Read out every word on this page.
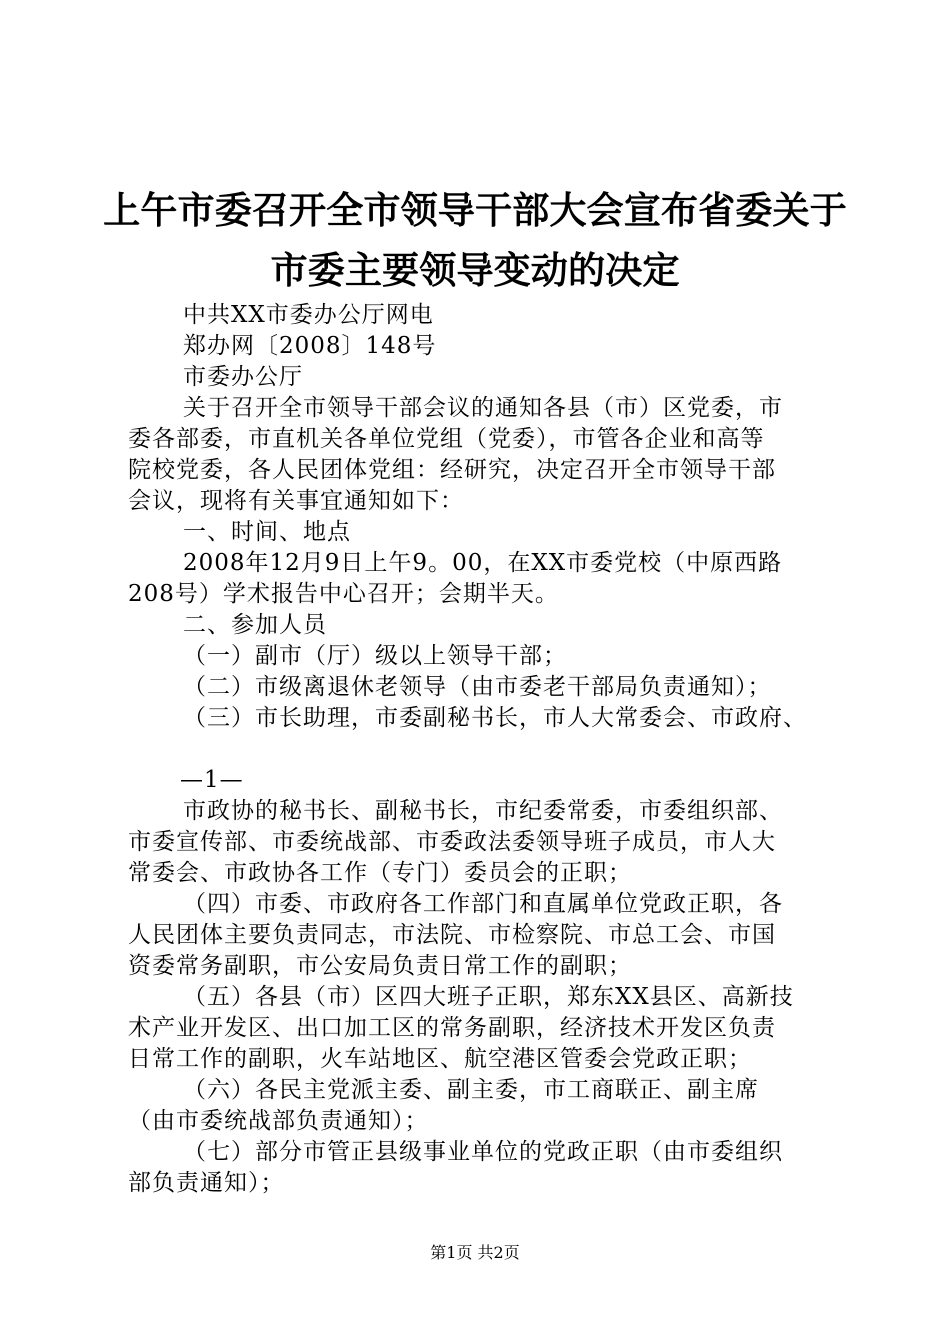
上午市委召开全市领导干部大会宣布省委关于
市委主要领导变动的决定
中共XX市委办公厅网电
郑办网〔2008〕148号
市委办公厅
关于召开全市领导干部会议的通知各县（市）区党委，市
委各部委，市直机关各单位党组（党委），市管各企业和高等
院校党委，各人民团体党组：经研究，决定召开全市领导干部
会议，现将有关事宜通知如下：
一、时间、地点
2008年12月9日上午9。00，在XX市委党校（中原西路
208号）学术报告中心召开；会期半天。
二、参加人员
（一）副市（厅）级以上领导干部；
（二）市级离退休老领导（由市委老干部局负责通知）；
（三）市长助理，市委副秘书长，市人大常委会、市政府、
—1—
市政协的秘书长、副秘书长，市纪委常委，市委组织部、
市委宣传部、市委统战部、市委政法委领导班子成员，市人大
常委会、市政协各工作（专门）委员会的正职；
（四）市委、市政府各工作部门和直属单位党政正职，各
人民团体主要负责同志，市法院、市检察院、市总工会、市国
资委常务副职，市公安局负责日常工作的副职；
（五）各县（市）区四大班子正职，郑东XX县区、高新技
术产业开发区、出口加工区的常务副职，经济技术开发区负责
日常工作的副职，火车站地区、航空港区管委会党政正职；
（六）各民主党派主委、副主委，市工商联正、副主席
（由市委统战部负责通知）；
（七）部分市管正县级事业单位的党政正职（由市委组织
部负责通知）；
第1页 共2页
